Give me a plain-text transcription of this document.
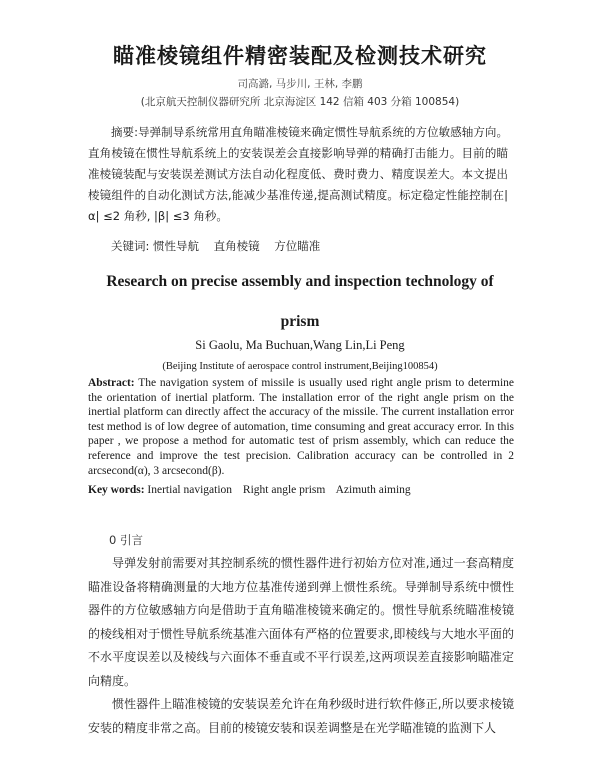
瞄准棱镜组件精密装配及检测技术研究
司高潞, 马步川, 王林, 李鹏
(北京航天控制仪器研究所 北京海淀区 142 信箱 403 分箱 100854)
摘要:导弹制导系统常用直角瞄准棱镜来确定惯性导航系统的方位敏感轴方向。直角棱镜在惯性导航系统上的安装误差会直接影响导弹的精确打击能力。目前的瞄准棱镜装配与安装误差测试方法自动化程度低、费时费力、精度误差大。本文提出棱镜组件的自动化测试方法,能减少基准传递,提高测试精度。标定稳定性能控制在|α| ≤2 角秒, |β| ≤3 角秒。
关键词: 惯性导航 直角棱镜 方位瞄准
Research on precise assembly and inspection technology of
prism
Si Gaolu, Ma Buchuan,Wang Lin,Li Peng
(Beijing Institute of aerospace control instrument,Beijing100854)
Abstract: The navigation system of missile is usually used right angle prism to determine the orientation of inertial platform. The installation error of the right angle prism on the inertial platform can directly affect the accuracy of the missile. The current installation error test method is of low degree of automation, time consuming and great accuracy error. In this paper , we propose a method for automatic test of prism assembly, which can reduce the reference and improve the test precision. Calibration accuracy can be controlled in 2 arcsecond(α), 3 arcsecond(β).
Key words: Inertial navigation Right angle prism Azimuth aiming
0 引言

导弹发射前需要对其控制系统的惯性器件进行初始方位对准,通过一套高精度瞄准设备将精确测量的大地方位基准传递到弹上惯性系统。导弹制导系统中惯性器件的方位敏感轴方向是借助于直角瞄准棱镜来确定的。惯性导航系统瞄准棱镜的棱线相对于惯性导航系统基准六面体有严格的位置要求,即棱线与大地水平面的不水平度误差以及棱线与六面体不垂直或不平行误差,这两项误差直接影响瞄准定向精度。

惯性器件上瞄准棱镜的安装误差允许在角秒级时进行软件修正,所以要求棱镜安装的精度非常之高。目前的棱镜安装和误差调整是在光学瞄准镜的监测下人
